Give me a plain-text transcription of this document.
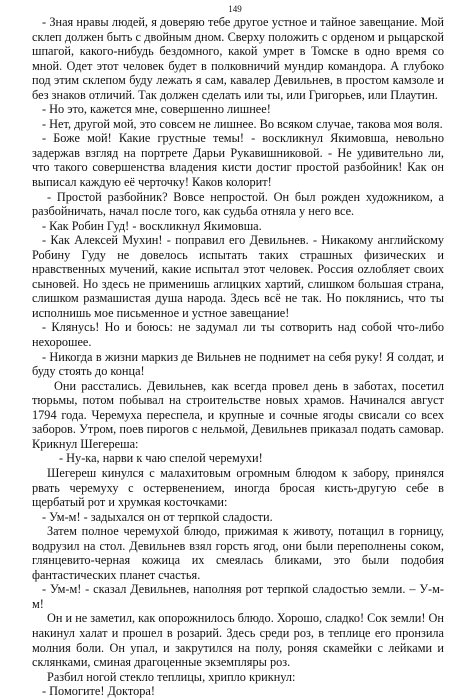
149

- Зная нравы людей, я доверяю тебе другое устное и тайное завещание. Мой склеп должен быть с двойным дном. Сверху положить с орденом и рыцарской шпагой, какого-нибудь бездомного, какой умрет в Томске в одно время со мной. Одет этот человек будет в полковничий мундир командора. А глубоко под этим склепом буду лежать я сам, кавалер Девильнев, в простом камзоле и без знаков отличий. Так должен сделать или ты, или Григорьев, или Плаутин.

- Но это, кажется мне, совершенно лишнее!

- Нет, другой мой, это совсем не лишнее. Во всяком случае, такова моя воля.

- Боже мой! Какие грустные темы! - воскликнул Якимовша, невольно задержав взгляд на портрете Дарьи Рукавишниковой. - Не удивительно ли, что такого совершенства владения кисти достиг простой разбойник! Как он выписал каждую её черточку! Каков колорит!

- Простой разбойник? Вовсе непростой. Он был рожден художником, а разбойничать, начал после того, как судьба отняла у него все.

- Как Робин Гуд! - воскликнул Якимовша.

- Как Алексей Мухин! - поправил его Девильнев. - Никакому английскому Робину Гуду не довелось испытать таких страшных физических и нравственных мучений, какие испытал этот человек. Россия ozлобляет своих сыновей. Но здесь не применишь аглицких хартий, слишком большая страна, слишком размашистая душа народа. Здесь всё не так. Но поклянись, что ты исполнишь мое письменное и устное завещание!

- Клянусь! Но и боюсь: не задумал ли ты сотворить над собой что-либо нехорошее.

- Никогда в жизни маркиз де Вильнев не поднимет на себя руку! Я солдат, и буду стоять до конца!

Они расстались. Девильнев, как всегда провел день в заботах, посетил тюрьмы, потом побывал на строительстве новых храмов. Начинался август 1794 года. Черемуха переспела, и крупные и сочные ягоды свисали со всех заборов. Утром, поев пирогов с нельмой, Девильнев приказал подать самовар. Крикнул Шегереша:

- Ну-ка, нарви к чаю спелой черемухи!

Шегереш кинулся с малахитовым огромным блюдом к забору, принялся рвать черемуху с остервенением, иногда бросая кисть-другую себе в щербатый рот и хрумкая косточками:

- Ум-м! - задыхался он от терпкой сладости.

Затем полное черемухой блюдо, прижимая к животу, потащил в горницу, водрузил на стол. Девильнев взял горсть ягод, они были переполнены соком, глянцевито-черная кожица их смеялась бликами, это были подобия фантастических планет счастья.

- Ум-м! - сказал Девильнев, наполняя рот терпкой сладостью земли. – У-м-м!

Он и не заметил, как опорожнилось блюдо. Хорошо, сладко! Сок земли! Он накинул халат и прошел в розарий. Здесь среди роз, в теплице его пронзила молния боли. Он упал, и закрутился на полу, роняя скамейки с лейками и склянками, сминая драгоценные экземпляры роз.

Разбил ногой стекло теплицы, хрипло крикнул:

- Помогите! Доктора!
